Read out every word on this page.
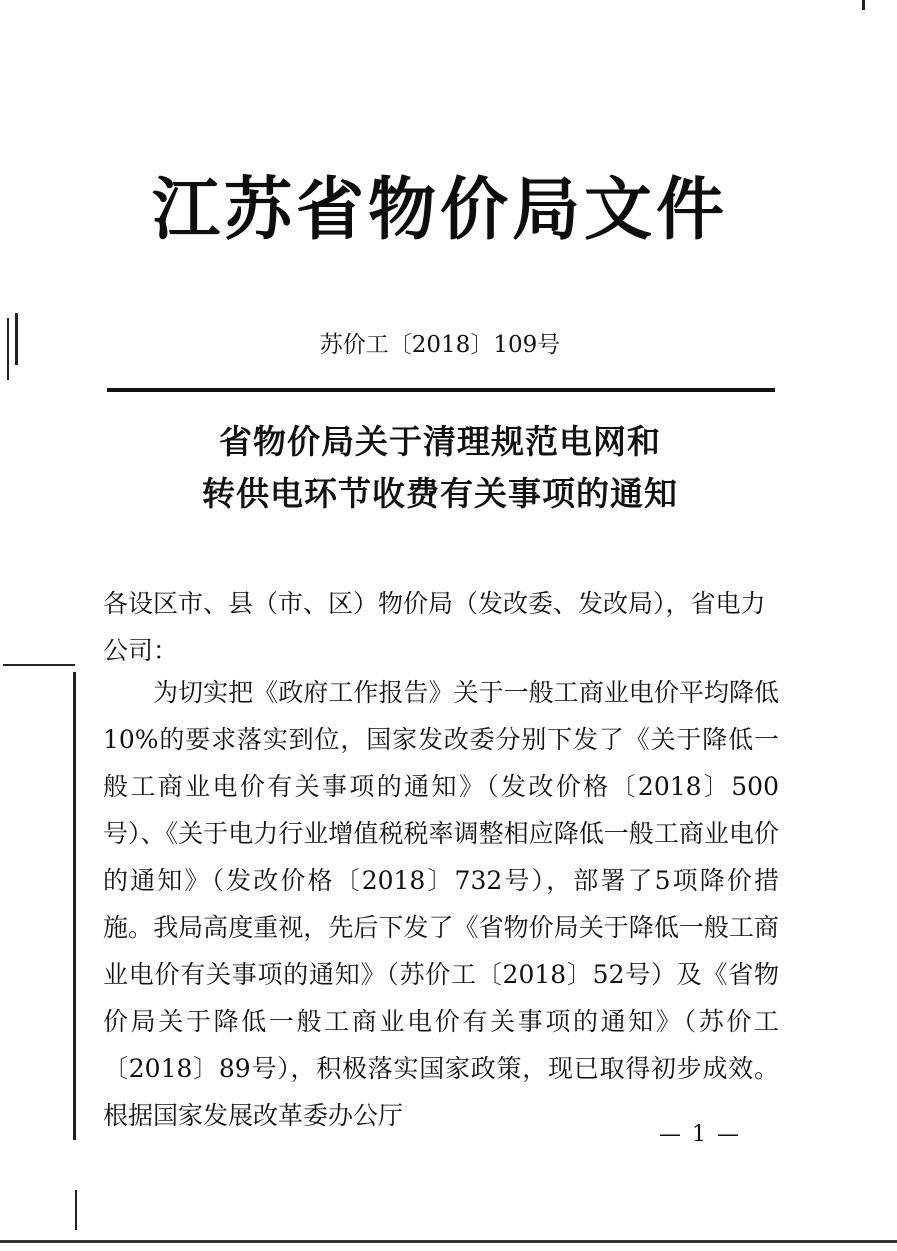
江苏省物价局文件
苏价工〔2018〕109号
省物价局关于清理规范电网和
转供电环节收费有关事项的通知
各设区市、县（市、区）物价局（发改委、发改局），省电力公司：
为切实把《政府工作报告》关于一般工商业电价平均降低10%的要求落实到位，国家发改委分别下发了《关于降低一般工商业电价有关事项的通知》（发改价格〔2018〕500号）、《关于电力行业增值税税率调整相应降低一般工商业电价的通知》（发改价格〔2018〕732号），部署了5项降价措施。我局高度重视，先后下发了《省物价局关于降低一般工商业电价有关事项的通知》（苏价工〔2018〕52号）及《省物价局关于降低一般工商业电价有关事项的通知》（苏价工〔2018〕89号），积极落实国家政策，现已取得初步成效。根据国家发展改革委办公厅
— 1 —
